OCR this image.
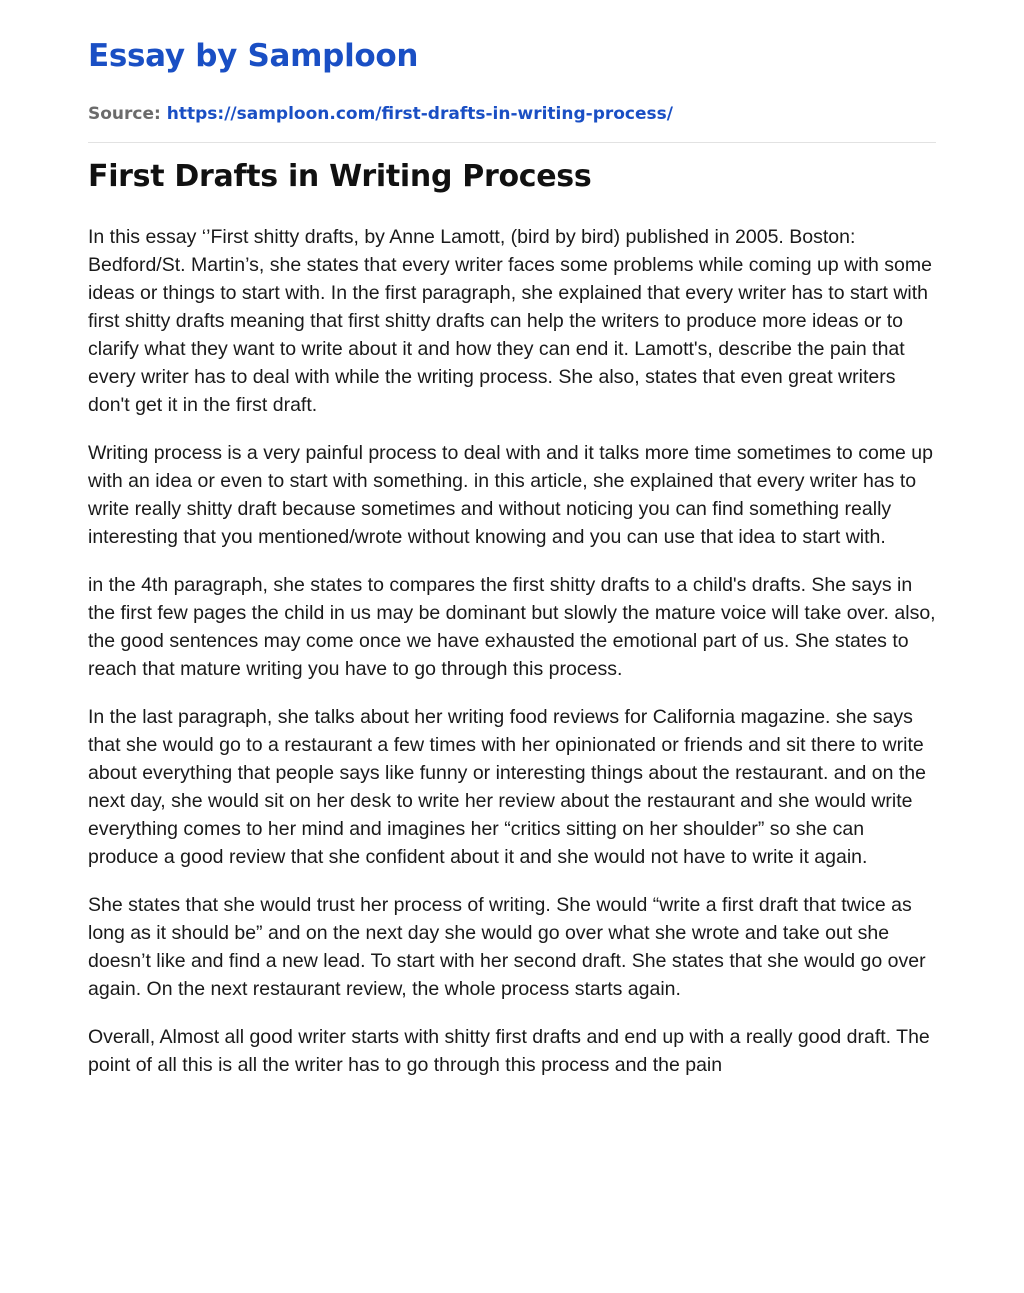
Essay by Samploon
Source: https://samploon.com/first-drafts-in-writing-process/
First Drafts in Writing Process

In this essay ‘’First shitty drafts, by Anne Lamott, (bird by bird) published in 2005. Boston: Bedford/St. Martin’s, she states that every writer faces some problems while coming up with some ideas or things to start with. In the first paragraph, she explained that every writer has to start with first shitty drafts meaning that first shitty drafts can help the writers to produce more ideas or to clarify what they want to write about it and how they can end it. Lamott's, describe the pain that every writer has to deal with while the writing process. She also, states that even great writers don't get it in the first draft.

Writing process is a very painful process to deal with and it talks more time sometimes to come up with an idea or even to start with something. in this article, she explained that every writer has to write really shitty draft because sometimes and without noticing you can find something really interesting that you mentioned/wrote without knowing and you can use that idea to start with.

in the 4th paragraph, she states to compares the first shitty drafts to a child's drafts. She says in the first few pages the child in us may be dominant but slowly the mature voice will take over. also, the good sentences may come once we have exhausted the emotional part of us. She states to reach that mature writing you have to go through this process.

In the last paragraph, she talks about her writing food reviews for California magazine. she says that she would go to a restaurant a few times with her opinionated or friends and sit there to write about everything that people says like funny or interesting things about the restaurant. and on the next day, she would sit on her desk to write her review about the restaurant and she would write everything comes to her mind and imagines her “critics sitting on her shoulder” so she can produce a good review that she confident about it and she would not have to write it again.

She states that she would trust her process of writing. She would “write a first draft that twice as long as it should be” and on the next day she would go over what she wrote and take out she doesn’t like and find a new lead. To start with her second draft. She states that she would go over again. On the next restaurant review, the whole process starts again.

Overall, Almost all good writer starts with shitty first drafts and end up with a really good draft. The point of all this is all the writer has to go through this process and the pain
